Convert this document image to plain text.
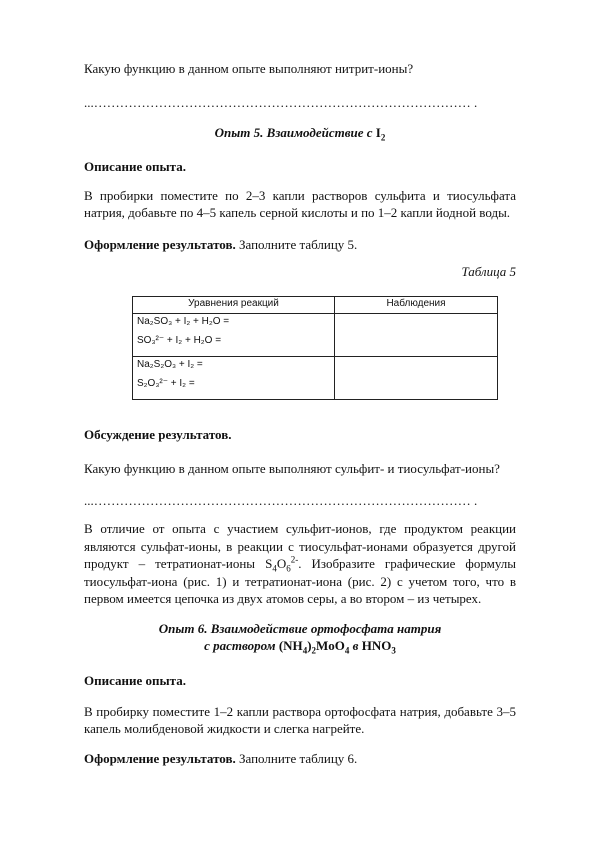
Какую функцию в данном опыте выполняют нитрит-ионы?
...…………………………………………………………………………… .
Опыт 5. Взаимодействие с $I_2$
Описание опыта.
В пробирки поместите по 2–3 капли растворов сульфита и тиосульфата натрия, добавьте по 4–5 капель серной кислоты и по 1–2 капли йодной воды.
Оформление результатов. Заполните таблицу 5.
Таблица 5
Уравнения реакций	Наблюдения

Na₂SO₃ + I₂ + H₂O =
SO₃²⁻ + I₂ + H₂O =	

Na₂S₂O₃ + I₂ =
S₂O₃²⁻ + I₂ =	

Обсуждение результатов.
Какую функцию в данном опыте выполняют сульфит- и тиосульфат-ионы?
...…………………………………………………………………………… .
В отличие от опыта с участием сульфит-ионов, где продуктом реакции являются сульфат-ионы, в реакции с тиосульфат-ионами образуется другой продукт – тетратионат-ионы $S_4O_6^{2-}$. Изобразите графические формулы тиосульфат-иона (рис. 1) и тетратионат-иона (рис. 2) с учетом того, что в первом имеется цепочка из двух атомов серы, а во втором – из четырех.
Опыт 6. Взаимодействие ортофосфата натрия
с раствором $(NH_4)_2MoO_4$ в $HNO_3$
Описание опыта.
В пробирку поместите 1–2 капли раствора ортофосфата натрия, добавьте 3–5 капель молибденовой жидкости и слегка нагрейте.
Оформление результатов. Заполните таблицу 6.
